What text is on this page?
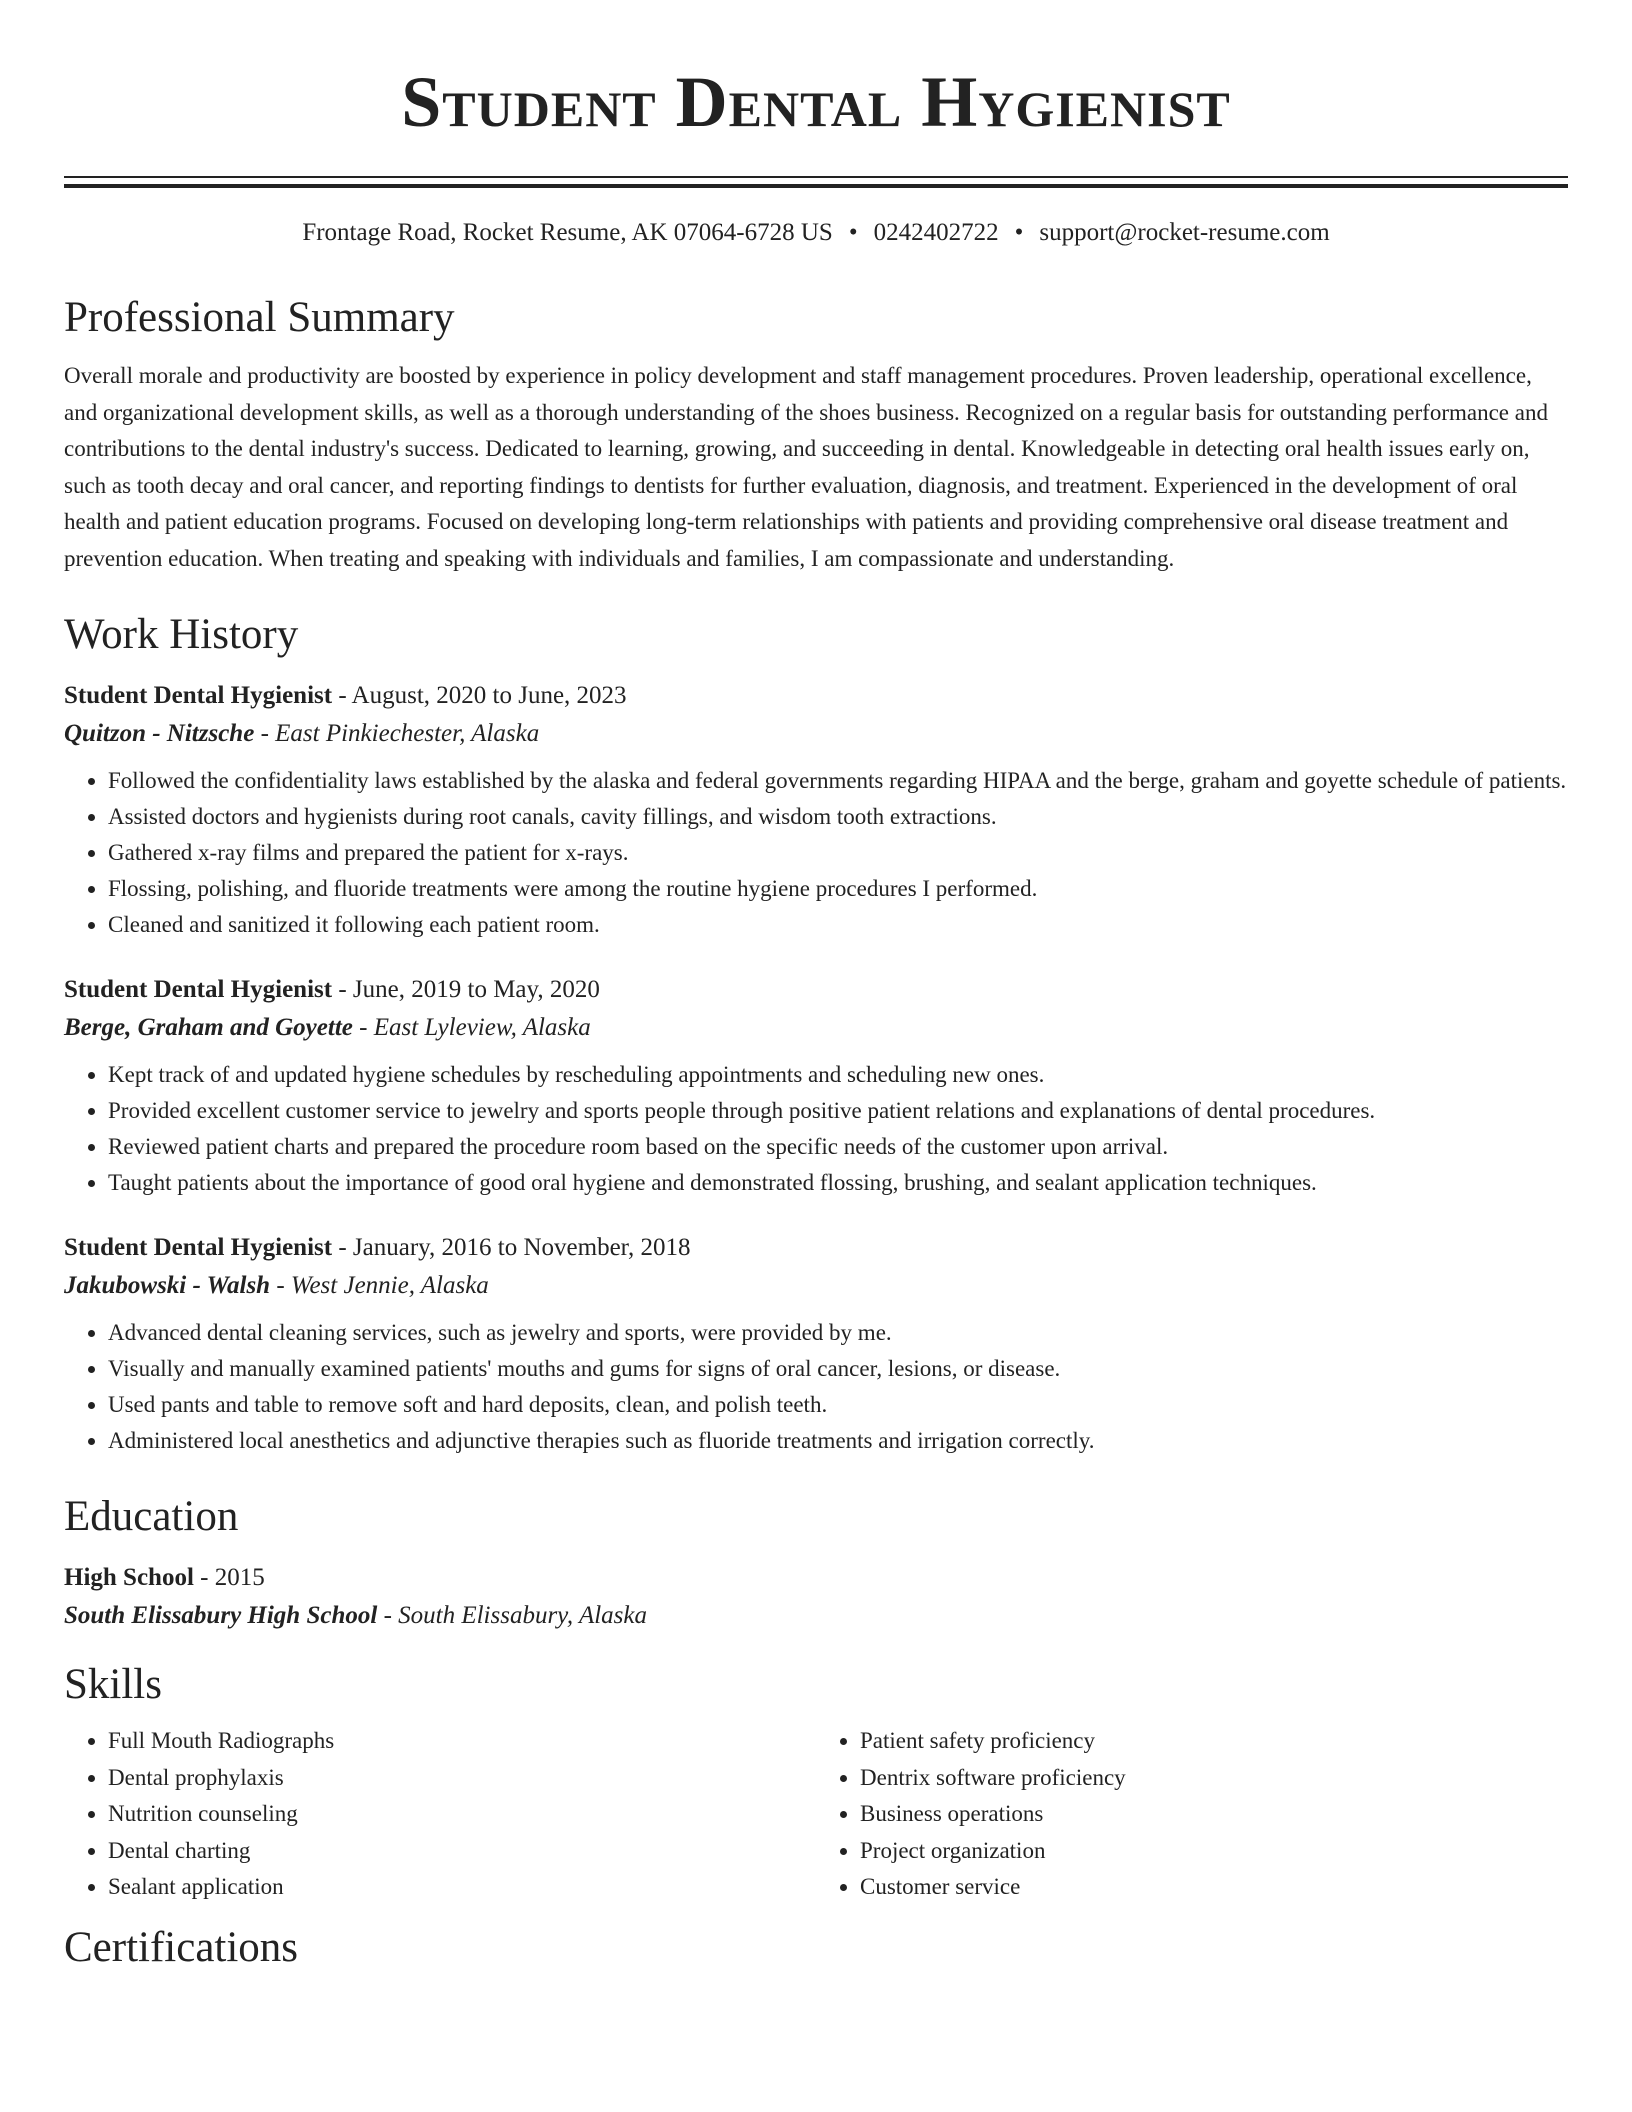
Student Dental Hygienist
Frontage Road, Rocket Resume, AK 07064-6728 US • 0242402722 • support@rocket-resume.com
Professional Summary

Overall morale and productivity are boosted by experience in policy development and staff management procedures. Proven leadership, operational excellence, and organizational development skills, as well as a thorough understanding of the shoes business. Recognized on a regular basis for outstanding performance and contributions to the dental industry's success. Dedicated to learning, growing, and succeeding in dental. Knowledgeable in detecting oral health issues early on, such as tooth decay and oral cancer, and reporting findings to dentists for further evaluation, diagnosis, and treatment. Experienced in the development of oral health and patient education programs. Focused on developing long-term relationships with patients and providing comprehensive oral disease treatment and prevention education. When treating and speaking with individuals and families, I am compassionate and understanding.

Work History
Student Dental Hygienist - August, 2020 to June, 2023
Quitzon - Nitzsche - East Pinkiechester, Alaska
• Followed the confidentiality laws established by the alaska and federal governments regarding HIPAA and the berge, graham and goyette schedule of patients.
• Assisted doctors and hygienists during root canals, cavity fillings, and wisdom tooth extractions.
• Gathered x-ray films and prepared the patient for x-rays.
• Flossing, polishing, and fluoride treatments were among the routine hygiene procedures I performed.
• Cleaned and sanitized it following each patient room.
Student Dental Hygienist - June, 2019 to May, 2020
Berge, Graham and Goyette - East Lyleview, Alaska
• Kept track of and updated hygiene schedules by rescheduling appointments and scheduling new ones.
• Provided excellent customer service to jewelry and sports people through positive patient relations and explanations of dental procedures.
• Reviewed patient charts and prepared the procedure room based on the specific needs of the customer upon arrival.
• Taught patients about the importance of good oral hygiene and demonstrated flossing, brushing, and sealant application techniques.
Student Dental Hygienist - January, 2016 to November, 2018
Jakubowski - Walsh - West Jennie, Alaska
• Advanced dental cleaning services, such as jewelry and sports, were provided by me.
• Visually and manually examined patients' mouths and gums for signs of oral cancer, lesions, or disease.
• Used pants and table to remove soft and hard deposits, clean, and polish teeth.
• Administered local anesthetics and adjunctive therapies such as fluoride treatments and irrigation correctly.
Education
High School - 2015
South Elissabury High School - South Elissabury, Alaska
Skills
• Full Mouth Radiographs
• Dental prophylaxis
• Nutrition counseling
• Dental charting
• Sealant application
• Patient safety proficiency
• Dentrix software proficiency
• Business operations
• Project organization
• Customer service
Certifications
